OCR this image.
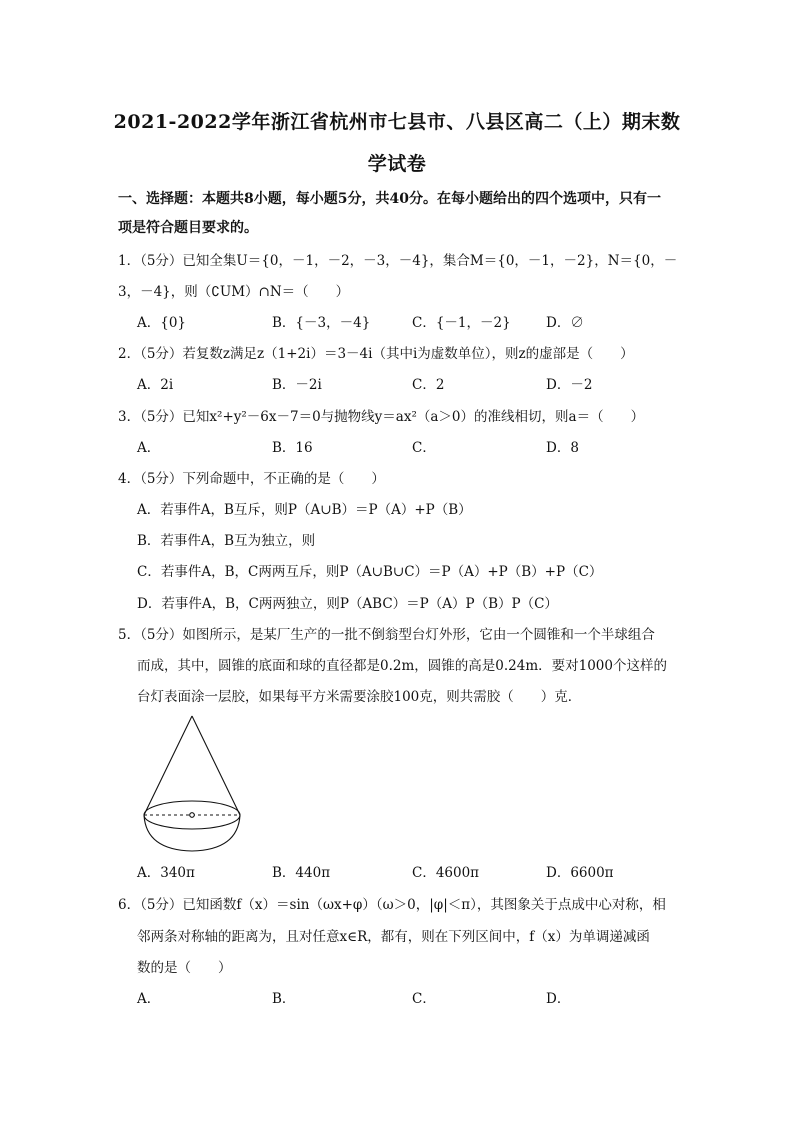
2021-2022学年浙江省杭州市七县市、八县区高二（上）期末数
学试卷
一、选择题：本题共8小题，每小题5分，共40分。在每小题给出的四个选项中，只有一
项是符合题目要求的。
1．（5分）已知全集U＝{0，－1，－2，－3，－4}，集合M＝{0，－1，－2}，N＝{0，－
3，－4}，则（∁UM）∩N＝（　　）
A．{0}	B．{－3，－4}	C．{－1，－2}	D．∅
2．（5分）若复数z满足z（1+2i）＝3－4i（其中i为虚数单位），则z的虚部是（　　）
A．2i	B．－2i	C．2	D．－2
3．（5分）已知x²+y²－6x－7＝0与抛物线y＝ax²（a＞0）的准线相切，则a＝（　　）
A．	B．16	C．	D．8
4．（5分）下列命题中，不正确的是（　　）
A．若事件A，B互斥，则P（A∪B）＝P（A）+P（B）
B．若事件A，B互为独立，则
C．若事件A，B，C两两互斥，则P（A∪B∪C）＝P（A）+P（B）+P（C）
D．若事件A，B，C两两独立，则P（ABC）＝P（A）P（B）P（C）
5．（5分）如图所示，是某厂生产的一批不倒翁型台灯外形，它由一个圆锥和一个半球组合
而成，其中，圆锥的底面和球的直径都是0.2m，圆锥的高是0.24m．要对1000个这样的
台灯表面涂一层胶，如果每平方米需要涂胶100克，则共需胶（　　）克．
A．340π	B．440π	C．4600π	D．6600π
6．（5分）已知函数f（x）＝sin（ωx+φ）（ω＞0，|φ|＜π），其图象关于点成中心对称，相
邻两条对称轴的距离为，且对任意x∈R，都有，则在下列区间中，f（x）为单调递减函
数的是（　　）
A．	B．	C．	D．
